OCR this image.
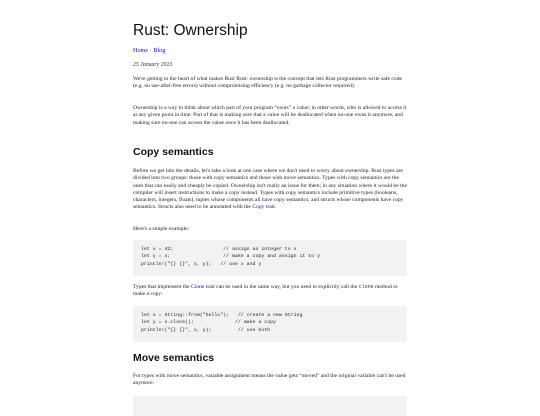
Rust: Ownership
Home · Blog
25 January 2023

We're getting to the heart of what makes Rust Rust: ownership is the concept that lets Rust programmers write safe code (e.g. no use-after-free errors) without compromising efficiency (e.g. no garbage collector required).

Ownership is a way to think about which part of your program “owns” a value; in other words, who is allowed to access it at any given point in time. Part of that is making sure that a value will be deallocated when no-one owns it anymore, and making sure no-one can access the value once it has been deallocated.

Copy semantics

Before we get into the details, let's take a look at one case where we don't need to worry about ownership. Rust types are divided into two groups: those with copy semantics and those with move semantics. Types with copy semantics are the ones that can easily and cheaply be copied. Ownership isn't really an issue for them; in any situation where it would be the compiler will insert instructions to make a copy instead. Types with copy semantics include primitive types (booleans, characters, integers, floats), tuples whose components all have copy semantics, and structs whose components have copy semantics. Structs also need to be annotated with the Copy trait.

Here's a simple example:

let x = 42;                 // assign an integer to x
let y = x;                  // make a copy and assign it to y
println!("{} {}", x, y);   // use x and y

Types that implement the Clone trait can be used in the same way, but you need to explicitly call the clone method to make a copy:

let x = String::from("hello");   // create a new String
let y = x.clone();              // make a copy
println!("{} {}", x, y);         // use both
Move semantics

For types with move semantics, variable assignment means the value gets “moved” and the original variable can't be used anymore:
